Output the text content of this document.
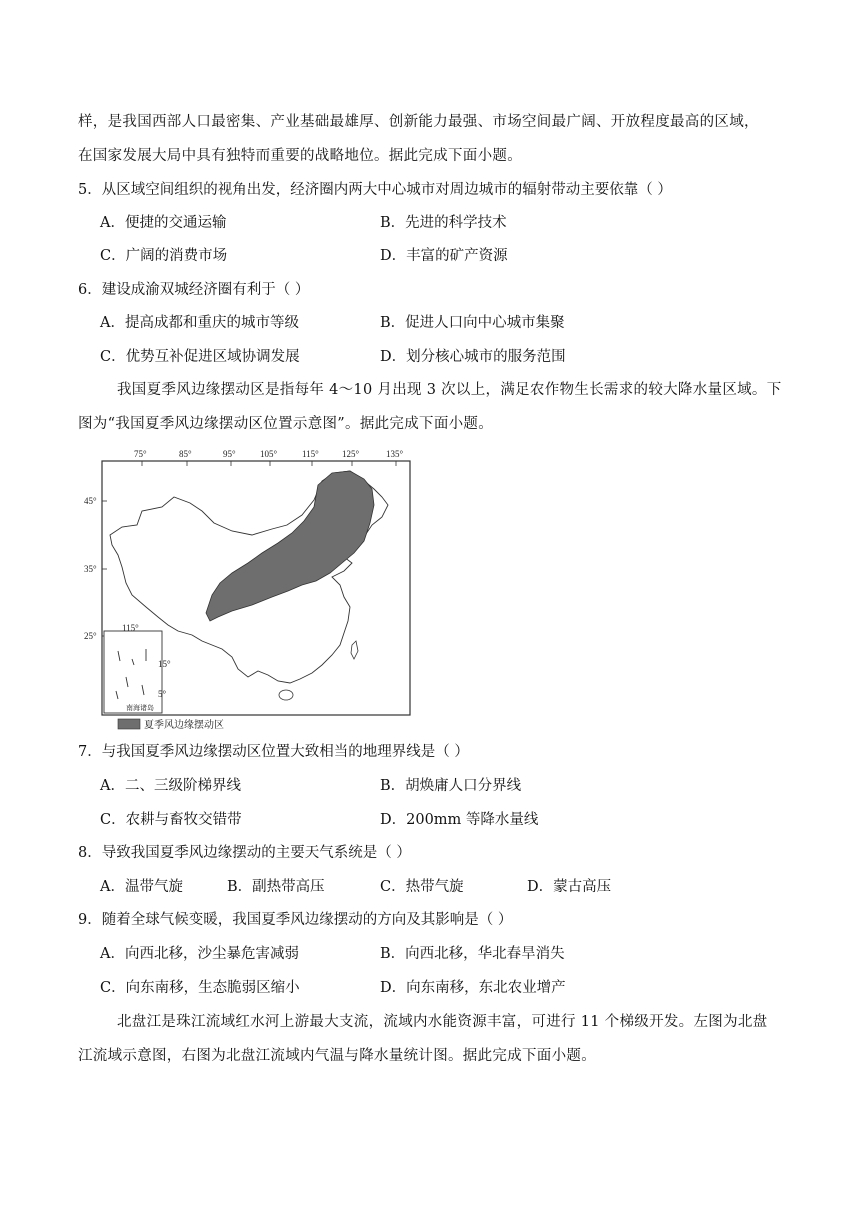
样，是我国西部人口最密集、产业基础最雄厚、创新能力最强、市场空间最广阔、开放程度最高的区域，
在国家发展大局中具有独特而重要的战略地位。据此完成下面小题。
5．从区域空间组织的视角出发，经济圈内两大中心城市对周边城市的辐射带动主要依靠（ ）
A．便捷的交通运输	B．先进的科学技术
C．广阔的消费市场	D．丰富的矿产资源
6．建设成渝双城经济圈有利于（ ）
A．提高成都和重庆的城市等级	B．促进人口向中心城市集聚
C．优势互补促进区域协调发展	D．划分核心城市的服务范围
我国夏季风边缘摆动区是指每年 4～10 月出现 3 次以上，满足农作物生长需求的较大降水量区域。下
图为“我国夏季风边缘摆动区位置示意图”。据此完成下面小题。
75°	85°	95°	105°	115°	125°	135°
45°
35°
25°
115°
15°
5°
南海诸岛
夏季风边缘摆动区
7．与我国夏季风边缘摆动区位置大致相当的地理界线是（ ）
A．二、三级阶梯界线	B．胡焕庸人口分界线
C．农耕与畜牧交错带	D．200mm 等降水量线
8．导致我国夏季风边缘摆动的主要天气系统是（ ）
A．温带气旋	B．副热带高压	C．热带气旋	D．蒙古高压
9．随着全球气候变暖，我国夏季风边缘摆动的方向及其影响是（ ）
A．向西北移，沙尘暴危害减弱	B．向西北移，华北春旱消失
C．向东南移，生态脆弱区缩小	D．向东南移，东北农业增产
北盘江是珠江流域红水河上游最大支流，流域内水能资源丰富，可进行 11 个梯级开发。左图为北盘
江流域示意图，右图为北盘江流域内气温与降水量统计图。据此完成下面小题。
